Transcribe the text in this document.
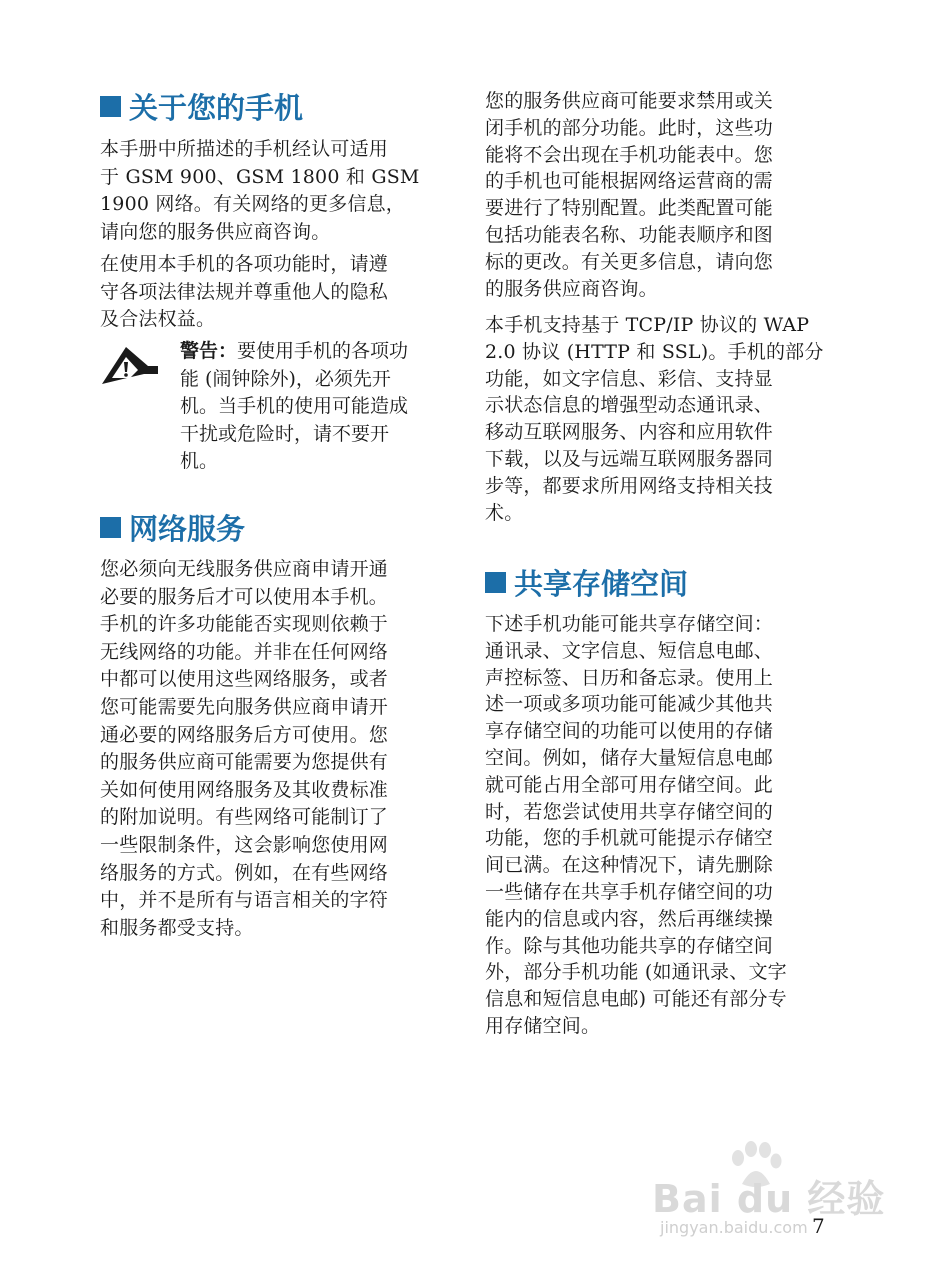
关于您的手机

本手册中所描述的手机经认可适用
于 GSM 900、GSM 1800 和 GSM
1900 网络。有关网络的更多信息，
请向您的服务供应商咨询。

在使用本手机的各项功能时，请遵
守各项法律法规并尊重他人的隐私
及合法权益。

警告：要使用手机的各项功
能 (闹钟除外)，必须先开
机。当手机的使用可能造成
干扰或危险时，请不要开
机。

网络服务

您必须向无线服务供应商申请开通
必要的服务后才可以使用本手机。
手机的许多功能能否实现则依赖于
无线网络的功能。并非在任何网络
中都可以使用这些网络服务，或者
您可能需要先向服务供应商申请开
通必要的网络服务后方可使用。您
的服务供应商可能需要为您提供有
关如何使用网络服务及其收费标准
的附加说明。有些网络可能制订了
一些限制条件，这会影响您使用网
络服务的方式。例如，在有些网络
中，并不是所有与语言相关的字符
和服务都受支持。

您的服务供应商可能要求禁用或关
闭手机的部分功能。此时，这些功
能将不会出现在手机功能表中。您
的手机也可能根据网络运营商的需
要进行了特别配置。此类配置可能
包括功能表名称、功能表顺序和图
标的更改。有关更多信息，请向您
的服务供应商咨询。

本手机支持基于 TCP/IP 协议的 WAP
2.0 协议 (HTTP 和 SSL)。手机的部分
功能，如文字信息、彩信、支持显
示状态信息的增强型动态通讯录、
移动互联网服务、内容和应用软件
下载，以及与远端互联网服务器同
步等，都要求所用网络支持相关技
术。

共享存储空间

下述手机功能可能共享存储空间：
通讯录、文字信息、短信息电邮、
声控标签、日历和备忘录。使用上
述一项或多项功能可能减少其他共
享存储空间的功能可以使用的存储
空间。例如，储存大量短信息电邮
就可能占用全部可用存储空间。此
时，若您尝试使用共享存储空间的
功能，您的手机就可能提示存储空
间已满。在这种情况下，请先删除
一些储存在共享手机存储空间的功
能内的信息或内容，然后再继续操
作。除与其他功能共享的存储空间
外，部分手机功能 (如通讯录、文字
信息和短信息电邮) 可能还有部分专
用存储空间。

Bai du 经验
jingyan.baidu.com 7
